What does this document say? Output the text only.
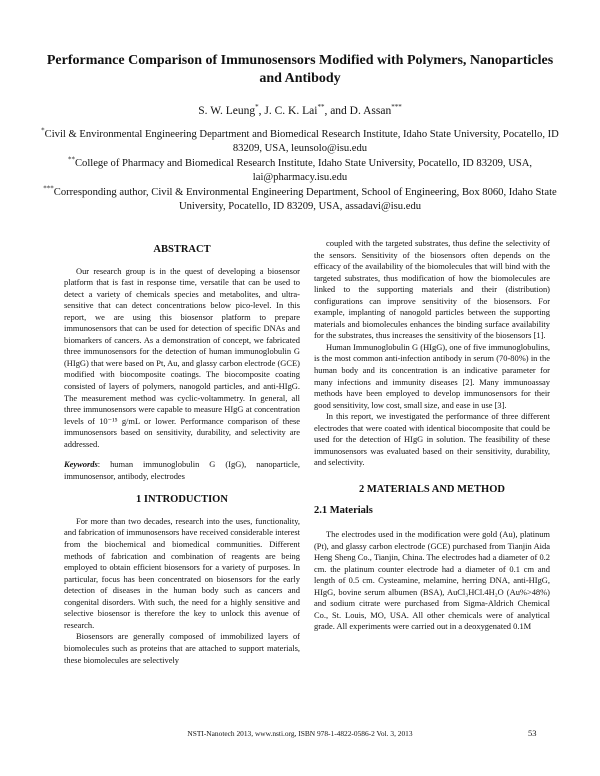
Performance Comparison of Immunosensors Modified with Polymers, Nanoparticles and Antibody
S. W. Leung*, J. C. K. Lai**, and D. Assan***
*Civil & Environmental Engineering Department and Biomedical Research Institute, Idaho State University, Pocatello, ID 83209, USA, leunsolo@isu.edu
**College of Pharmacy and Biomedical Research Institute, Idaho State University, Pocatello, ID 83209, USA, lai@pharmacy.isu.edu
***Corresponding author, Civil & Environmental Engineering Department, School of Engineering, Box 8060, Idaho State University, Pocatello, ID 83209, USA, assadavi@isu.edu
ABSTRACT

Our research group is in the quest of developing a biosensor platform that is fast in response time, versatile that can be used to detect a variety of chemicals species and metabolites, and ultra-sensitive that can detect concentrations below pico-level. In this report, we are using this biosensor platform to prepare immunosensors that can be used for detection of specific DNAs and biomarkers of cancers. As a demonstration of concept, we fabricated three immunosensors for the detection of human immunoglobulin G (HIgG) that were based on Pt, Au, and glassy carbon electrode (GCE) modified with biocomposite coatings. The biocomposite coating consisted of layers of polymers, nanogold particles, and anti-HIgG. The measurement method was cyclic-voltammetry. In general, all three immunosensors were capable to measure HIgG at concentration levels of 10⁻¹⁵ g/mL or lower. Performance comparison of these immunosensors based on sensitivity, durability, and selectivity are addressed.

Keywords: human immunoglobulin G (IgG), nanoparticle, immunosensor, antibody, electrodes

1 INTRODUCTION

For more than two decades, research into the uses, functionality, and fabrication of immunosensors have received considerable interest from the biochemical and biomedical communities. Different methods of fabrication and combination of reagents are being employed to obtain efficient biosensors for a variety of purposes. In particular, focus has been concentrated on biosensors for the early detection of diseases in the human body such as cancers and congenital disorders. With such, the need for a highly sensitive and selective biosensor is therefore the key to unlock this avenue of research.

Biosensors are generally composed of immobilized layers of biomolecules such as proteins that are attached to support materials, these biomolecules are selectively

coupled with the targeted substrates, thus define the selectivity of the sensors. Sensitivity of the biosensors often depends on the efficacy of the availability of the biomolecules that will bind with the targeted substrates, thus modification of how the biomolecules are linked to the supporting materials and their (distribution) configurations can improve sensitivity of the biosensors. For example, implanting of nanogold particles between the supporting materials and biomolecules enhances the binding surface availability for the substrates, thus increases the sensitivity of the biosensors [1].

Human Immunoglobulin G (HIgG), one of five immunoglobulins, is the most common anti-infection antibody in serum (70-80%) in the human body and its concentration is an indicative parameter for many infections and immunity diseases [2]. Many immunoassay methods have been employed to develop immunosensors for their good sensitivity, low cost, small size, and ease in use [3].

In this report, we investigated the performance of three different electrodes that were coated with identical biocomposite that could be used for the detection of HIgG in solution. The feasibility of these immunosensors was evaluated based on their sensitivity, durability, and selectivity.

2 MATERIALS AND METHOD
2.1 Materials

The electrodes used in the modification were gold (Au), platinum (Pt), and glassy carbon electrode (GCE) purchased from Tianjin Aida Heng Sheng Co., Tianjin, China. The electrodes had a diameter of 0.2 cm. the platinum counter electrode had a diameter of 0.1 cm and length of 0.5 cm. Cysteamine, melamine, herring DNA, anti-HIgG, HIgG, bovine serum albumen (BSA), AuCl₃HCl.4H₂O (Au%>48%) and sodium citrate were purchased from Sigma-Aldrich Chemical Co., St. Louis, MO, USA. All other chemicals were of analytical grade. All experiments were carried out in a deoxygenated 0.1M

NSTI-Nanotech 2013, www.nsti.org, ISBN 978-1-4822-0586-2 Vol. 3, 2013	53
